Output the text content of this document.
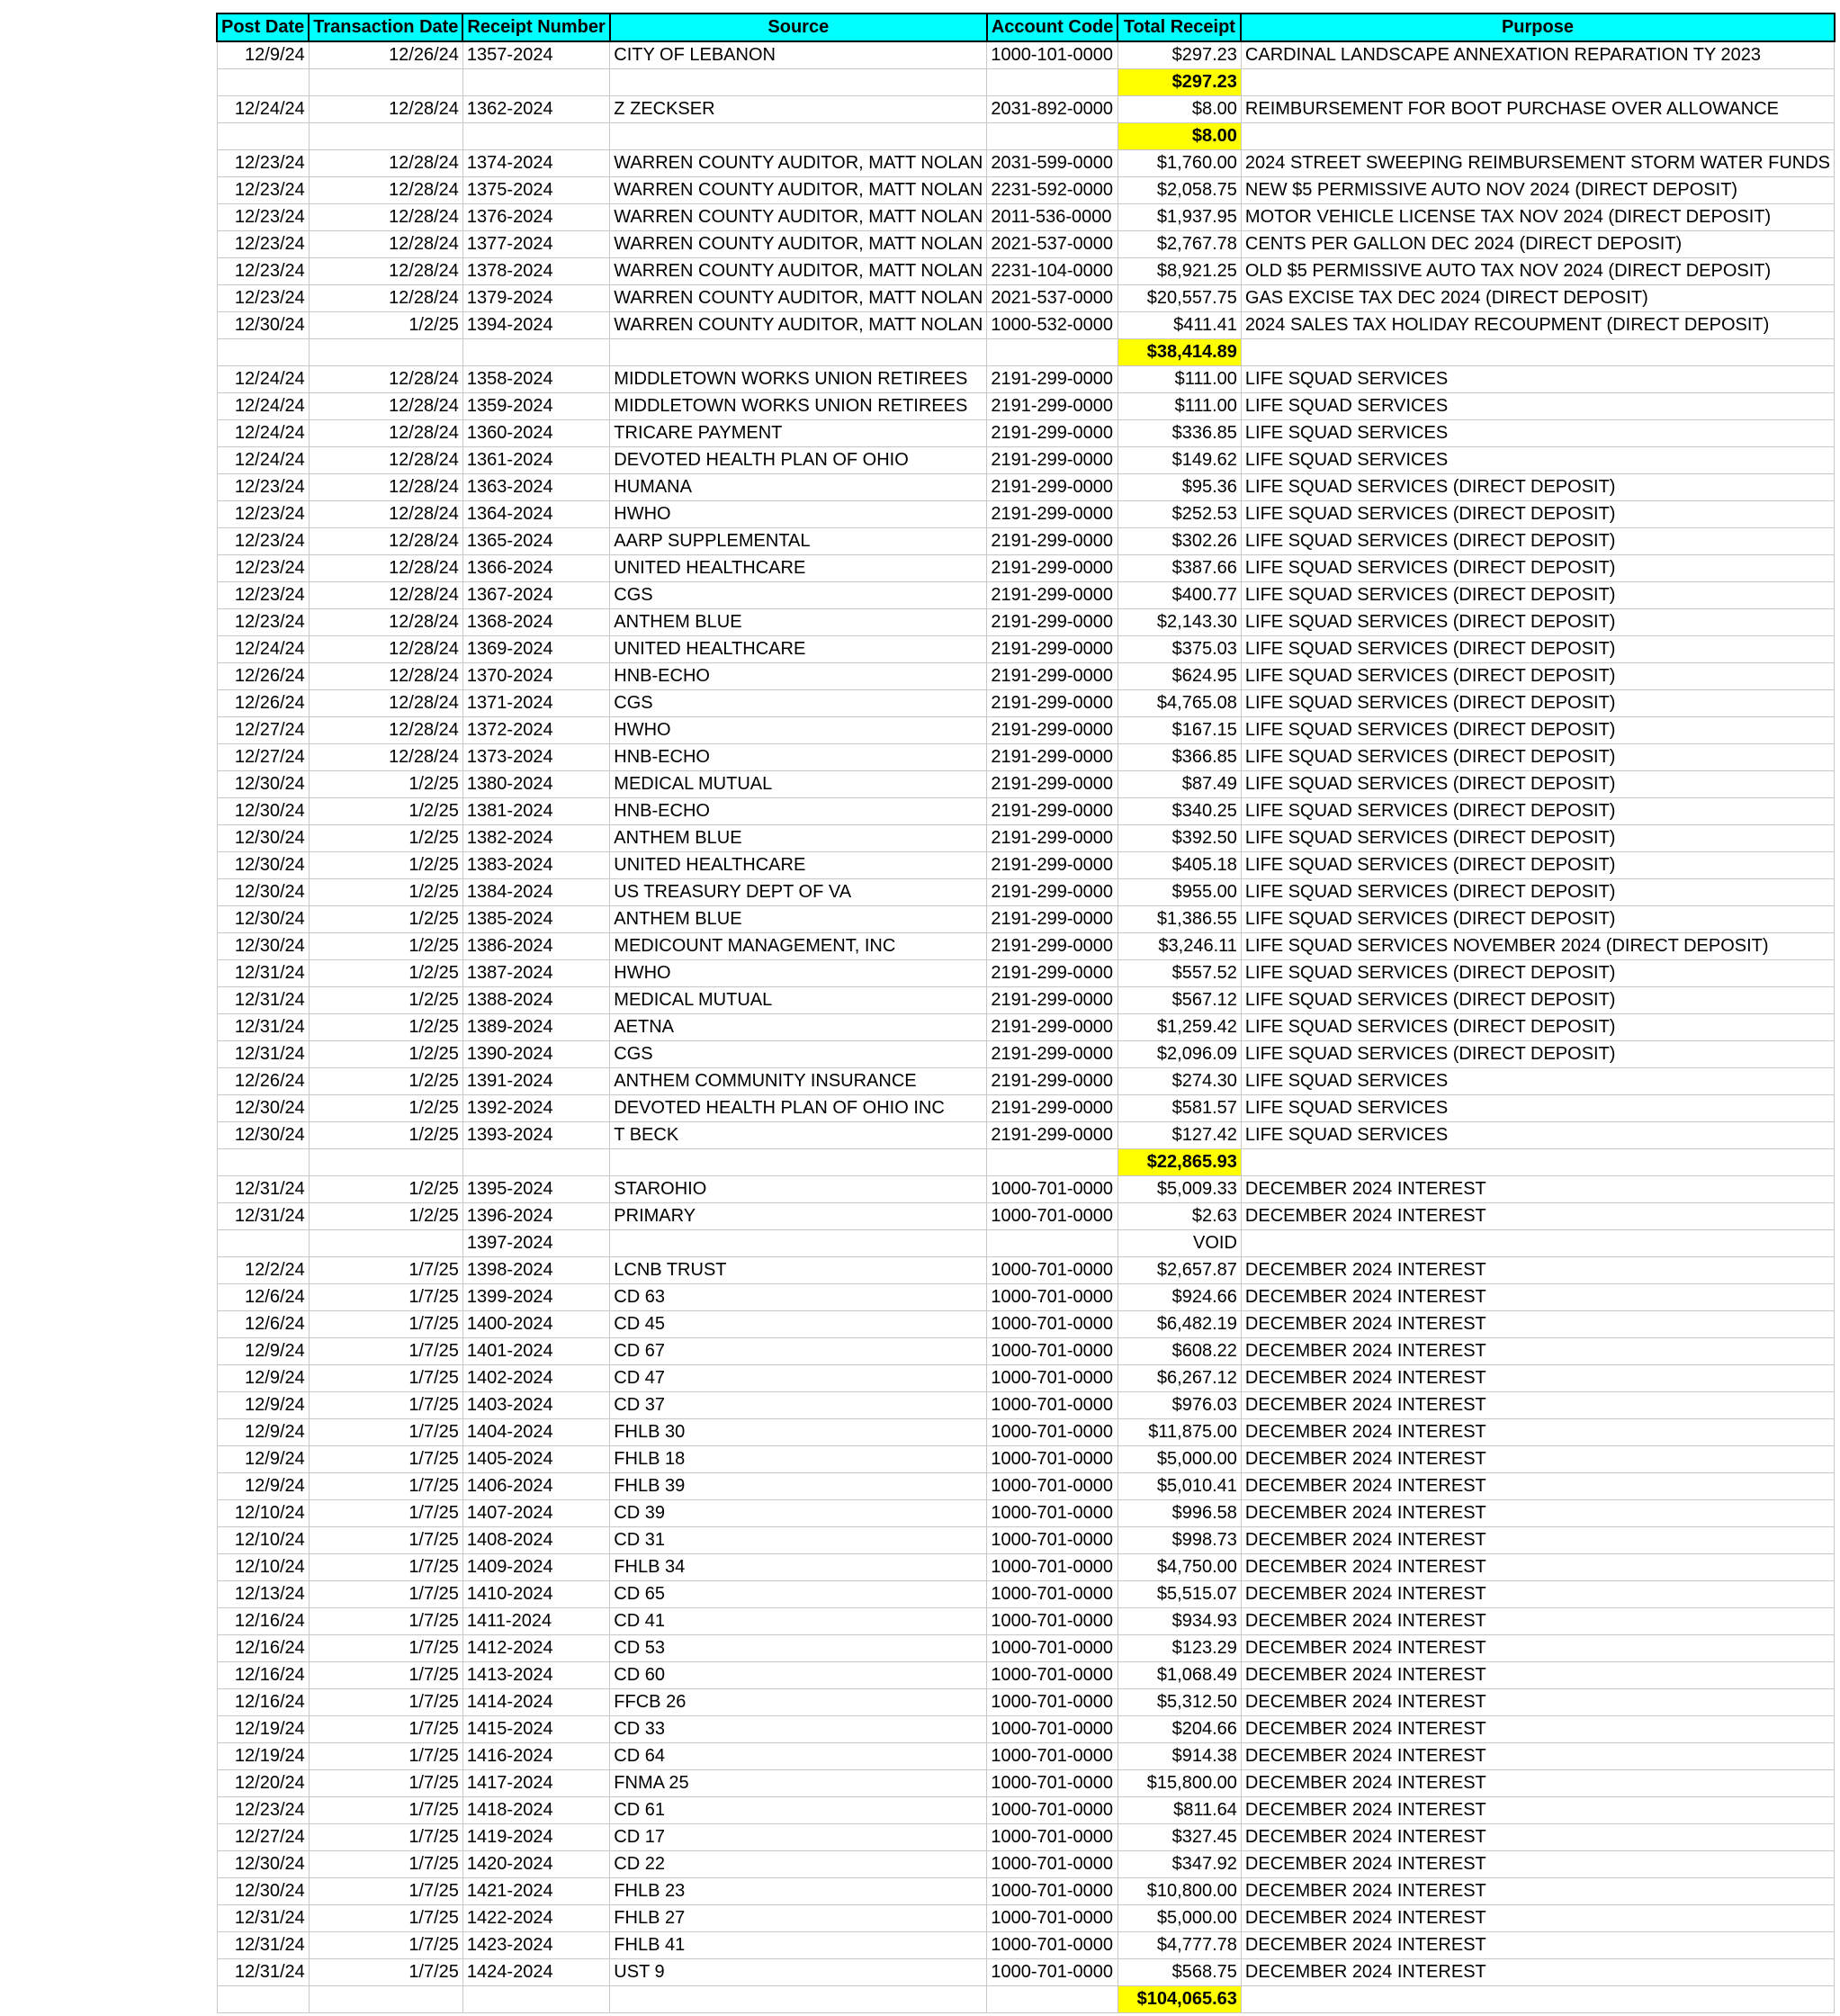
Post Date	Transaction Date	Receipt Number	Source	Account Code	Total Receipt	Purpose
12/9/24	12/26/24	1357-2024	CITY OF LEBANON	1000-101-0000	$297.23	CARDINAL LANDSCAPE ANNEXATION REPARATION TY 2023
					$297.23	
12/24/24	12/28/24	1362-2024	Z ZECKSER	2031-892-0000	$8.00	REIMBURSEMENT FOR BOOT PURCHASE OVER ALLOWANCE
					$8.00	
12/23/24	12/28/24	1374-2024	WARREN COUNTY AUDITOR, MATT NOLAN	2031-599-0000	$1,760.00	2024 STREET SWEEPING REIMBURSEMENT STORM WATER FUNDS
12/23/24	12/28/24	1375-2024	WARREN COUNTY AUDITOR, MATT NOLAN	2231-592-0000	$2,058.75	NEW $5 PERMISSIVE AUTO NOV 2024 (DIRECT DEPOSIT)
12/23/24	12/28/24	1376-2024	WARREN COUNTY AUDITOR, MATT NOLAN	2011-536-0000	$1,937.95	MOTOR VEHICLE LICENSE TAX NOV 2024 (DIRECT DEPOSIT)
12/23/24	12/28/24	1377-2024	WARREN COUNTY AUDITOR, MATT NOLAN	2021-537-0000	$2,767.78	CENTS PER GALLON DEC 2024 (DIRECT DEPOSIT)
12/23/24	12/28/24	1378-2024	WARREN COUNTY AUDITOR, MATT NOLAN	2231-104-0000	$8,921.25	OLD $5 PERMISSIVE AUTO TAX NOV 2024 (DIRECT DEPOSIT)
12/23/24	12/28/24	1379-2024	WARREN COUNTY AUDITOR, MATT NOLAN	2021-537-0000	$20,557.75	GAS EXCISE TAX DEC 2024 (DIRECT DEPOSIT)
12/30/24	1/2/25	1394-2024	WARREN COUNTY AUDITOR, MATT NOLAN	1000-532-0000	$411.41	2024 SALES TAX HOLIDAY RECOUPMENT (DIRECT DEPOSIT)
					$38,414.89	
12/24/24	12/28/24	1358-2024	MIDDLETOWN WORKS UNION RETIREES	2191-299-0000	$111.00	LIFE SQUAD SERVICES
12/24/24	12/28/24	1359-2024	MIDDLETOWN WORKS UNION RETIREES	2191-299-0000	$111.00	LIFE SQUAD SERVICES
12/24/24	12/28/24	1360-2024	TRICARE PAYMENT	2191-299-0000	$336.85	LIFE SQUAD SERVICES
12/24/24	12/28/24	1361-2024	DEVOTED HEALTH PLAN OF OHIO	2191-299-0000	$149.62	LIFE SQUAD SERVICES
12/23/24	12/28/24	1363-2024	HUMANA	2191-299-0000	$95.36	LIFE SQUAD SERVICES (DIRECT DEPOSIT)
12/23/24	12/28/24	1364-2024	HWHO	2191-299-0000	$252.53	LIFE SQUAD SERVICES (DIRECT DEPOSIT)
12/23/24	12/28/24	1365-2024	AARP SUPPLEMENTAL	2191-299-0000	$302.26	LIFE SQUAD SERVICES (DIRECT DEPOSIT)
12/23/24	12/28/24	1366-2024	UNITED HEALTHCARE	2191-299-0000	$387.66	LIFE SQUAD SERVICES (DIRECT DEPOSIT)
12/23/24	12/28/24	1367-2024	CGS	2191-299-0000	$400.77	LIFE SQUAD SERVICES (DIRECT DEPOSIT)
12/23/24	12/28/24	1368-2024	ANTHEM BLUE	2191-299-0000	$2,143.30	LIFE SQUAD SERVICES (DIRECT DEPOSIT)
12/24/24	12/28/24	1369-2024	UNITED HEALTHCARE	2191-299-0000	$375.03	LIFE SQUAD SERVICES (DIRECT DEPOSIT)
12/26/24	12/28/24	1370-2024	HNB-ECHO	2191-299-0000	$624.95	LIFE SQUAD SERVICES (DIRECT DEPOSIT)
12/26/24	12/28/24	1371-2024	CGS	2191-299-0000	$4,765.08	LIFE SQUAD SERVICES (DIRECT DEPOSIT)
12/27/24	12/28/24	1372-2024	HWHO	2191-299-0000	$167.15	LIFE SQUAD SERVICES (DIRECT DEPOSIT)
12/27/24	12/28/24	1373-2024	HNB-ECHO	2191-299-0000	$366.85	LIFE SQUAD SERVICES (DIRECT DEPOSIT)
12/30/24	1/2/25	1380-2024	MEDICAL MUTUAL	2191-299-0000	$87.49	LIFE SQUAD SERVICES (DIRECT DEPOSIT)
12/30/24	1/2/25	1381-2024	HNB-ECHO	2191-299-0000	$340.25	LIFE SQUAD SERVICES (DIRECT DEPOSIT)
12/30/24	1/2/25	1382-2024	ANTHEM BLUE	2191-299-0000	$392.50	LIFE SQUAD SERVICES (DIRECT DEPOSIT)
12/30/24	1/2/25	1383-2024	UNITED HEALTHCARE	2191-299-0000	$405.18	LIFE SQUAD SERVICES (DIRECT DEPOSIT)
12/30/24	1/2/25	1384-2024	US TREASURY DEPT OF VA	2191-299-0000	$955.00	LIFE SQUAD SERVICES (DIRECT DEPOSIT)
12/30/24	1/2/25	1385-2024	ANTHEM BLUE	2191-299-0000	$1,386.55	LIFE SQUAD SERVICES (DIRECT DEPOSIT)
12/30/24	1/2/25	1386-2024	MEDICOUNT MANAGEMENT, INC	2191-299-0000	$3,246.11	LIFE SQUAD SERVICES NOVEMBER 2024 (DIRECT DEPOSIT)
12/31/24	1/2/25	1387-2024	HWHO	2191-299-0000	$557.52	LIFE SQUAD SERVICES (DIRECT DEPOSIT)
12/31/24	1/2/25	1388-2024	MEDICAL MUTUAL	2191-299-0000	$567.12	LIFE SQUAD SERVICES (DIRECT DEPOSIT)
12/31/24	1/2/25	1389-2024	AETNA	2191-299-0000	$1,259.42	LIFE SQUAD SERVICES (DIRECT DEPOSIT)
12/31/24	1/2/25	1390-2024	CGS	2191-299-0000	$2,096.09	LIFE SQUAD SERVICES (DIRECT DEPOSIT)
12/26/24	1/2/25	1391-2024	ANTHEM COMMUNITY INSURANCE	2191-299-0000	$274.30	LIFE SQUAD SERVICES
12/30/24	1/2/25	1392-2024	DEVOTED HEALTH PLAN OF OHIO INC	2191-299-0000	$581.57	LIFE SQUAD SERVICES
12/30/24	1/2/25	1393-2024	T BECK	2191-299-0000	$127.42	LIFE SQUAD SERVICES
					$22,865.93	
12/31/24	1/2/25	1395-2024	STAROHIO	1000-701-0000	$5,009.33	DECEMBER 2024 INTEREST
12/31/24	1/2/25	1396-2024	PRIMARY	1000-701-0000	$2.63	DECEMBER 2024 INTEREST
		1397-2024			VOID	
12/2/24	1/7/25	1398-2024	LCNB TRUST	1000-701-0000	$2,657.87	DECEMBER 2024 INTEREST
12/6/24	1/7/25	1399-2024	CD 63	1000-701-0000	$924.66	DECEMBER 2024 INTEREST
12/6/24	1/7/25	1400-2024	CD 45	1000-701-0000	$6,482.19	DECEMBER 2024 INTEREST
12/9/24	1/7/25	1401-2024	CD 67	1000-701-0000	$608.22	DECEMBER 2024 INTEREST
12/9/24	1/7/25	1402-2024	CD 47	1000-701-0000	$6,267.12	DECEMBER 2024 INTEREST
12/9/24	1/7/25	1403-2024	CD 37	1000-701-0000	$976.03	DECEMBER 2024 INTEREST
12/9/24	1/7/25	1404-2024	FHLB 30	1000-701-0000	$11,875.00	DECEMBER 2024 INTEREST
12/9/24	1/7/25	1405-2024	FHLB 18	1000-701-0000	$5,000.00	DECEMBER 2024 INTEREST
12/9/24	1/7/25	1406-2024	FHLB 39	1000-701-0000	$5,010.41	DECEMBER 2024 INTEREST
12/10/24	1/7/25	1407-2024	CD 39	1000-701-0000	$996.58	DECEMBER 2024 INTEREST
12/10/24	1/7/25	1408-2024	CD 31	1000-701-0000	$998.73	DECEMBER 2024 INTEREST
12/10/24	1/7/25	1409-2024	FHLB 34	1000-701-0000	$4,750.00	DECEMBER 2024 INTEREST
12/13/24	1/7/25	1410-2024	CD 65	1000-701-0000	$5,515.07	DECEMBER 2024 INTEREST
12/16/24	1/7/25	1411-2024	CD 41	1000-701-0000	$934.93	DECEMBER 2024 INTEREST
12/16/24	1/7/25	1412-2024	CD 53	1000-701-0000	$123.29	DECEMBER 2024 INTEREST
12/16/24	1/7/25	1413-2024	CD 60	1000-701-0000	$1,068.49	DECEMBER 2024 INTEREST
12/16/24	1/7/25	1414-2024	FFCB 26	1000-701-0000	$5,312.50	DECEMBER 2024 INTEREST
12/19/24	1/7/25	1415-2024	CD 33	1000-701-0000	$204.66	DECEMBER 2024 INTEREST
12/19/24	1/7/25	1416-2024	CD 64	1000-701-0000	$914.38	DECEMBER 2024 INTEREST
12/20/24	1/7/25	1417-2024	FNMA 25	1000-701-0000	$15,800.00	DECEMBER 2024 INTEREST
12/23/24	1/7/25	1418-2024	CD 61	1000-701-0000	$811.64	DECEMBER 2024 INTEREST
12/27/24	1/7/25	1419-2024	CD 17	1000-701-0000	$327.45	DECEMBER 2024 INTEREST
12/30/24	1/7/25	1420-2024	CD 22	1000-701-0000	$347.92	DECEMBER 2024 INTEREST
12/30/24	1/7/25	1421-2024	FHLB 23	1000-701-0000	$10,800.00	DECEMBER 2024 INTEREST
12/31/24	1/7/25	1422-2024	FHLB 27	1000-701-0000	$5,000.00	DECEMBER 2024 INTEREST
12/31/24	1/7/25	1423-2024	FHLB 41	1000-701-0000	$4,777.78	DECEMBER 2024 INTEREST
12/31/24	1/7/25	1424-2024	UST 9	1000-701-0000	$568.75	DECEMBER 2024 INTEREST
					$104,065.63	
